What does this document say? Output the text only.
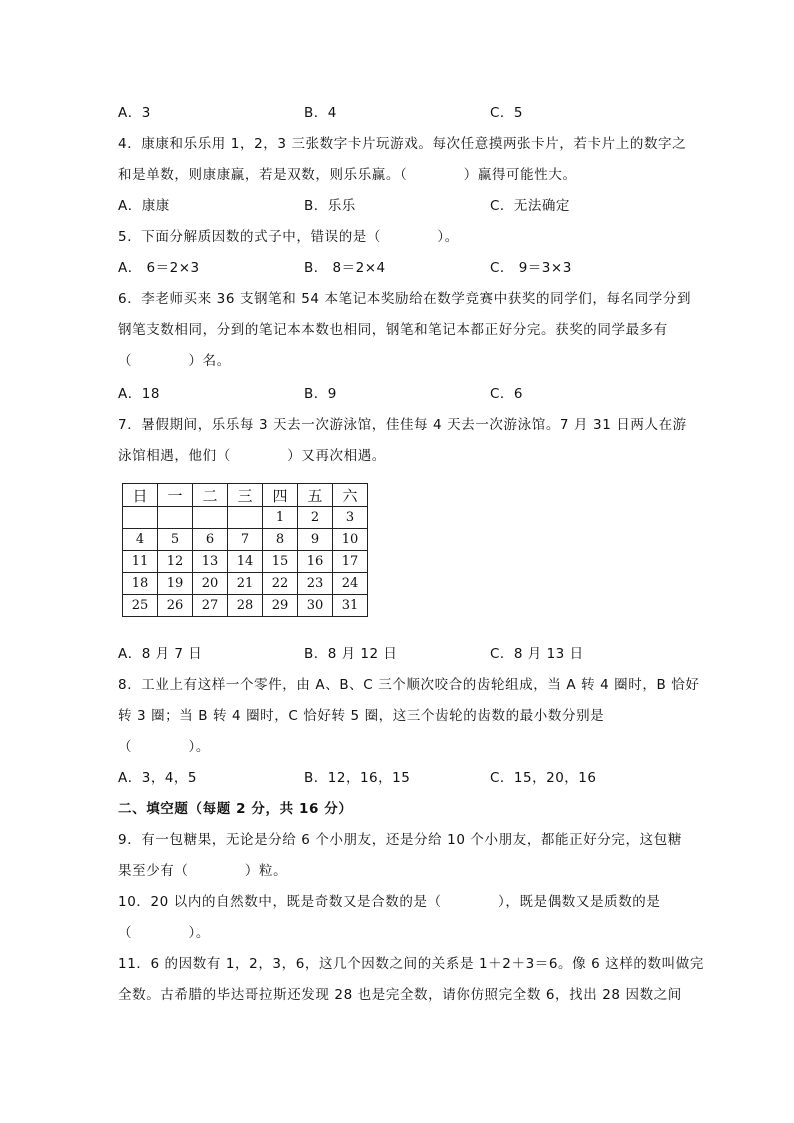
A．3	B．4	C．5
4．康康和乐乐用 1，2，3 三张数字卡片玩游戏。每次任意摸两张卡片，若卡片上的数字之
和是单数，则康康赢，若是双数，则乐乐赢。（　　　　）赢得可能性大。
A．康康	B．乐乐	C．无法确定
5．下面分解质因数的式子中，错误的是（　　　　）。
A． 6＝2×3	B． 8＝2×4	C． 9＝3×3
6．李老师买来 36 支钢笔和 54 本笔记本奖励给在数学竞赛中获奖的同学们，每名同学分到
钢笔支数相同，分到的笔记本本数也相同，钢笔和笔记本都正好分完。获奖的同学最多有
（　　　　）名。
A．18	B．9	C．6
7．暑假期间，乐乐每 3 天去一次游泳馆，佳佳每 4 天去一次游泳馆。7 月 31 日两人在游
泳馆相遇，他们（　　　　）又再次相遇。
日	一	二	三	四	五	六
				1	2	3
4	5	6	7	8	9	10
11	12	13	14	15	16	17
18	19	20	21	22	23	24
25	26	27	28	29	30	31
A．8 月 7 日	B．8 月 12 日	C．8 月 13 日
8．工业上有这样一个零件，由 A、B、C 三个顺次咬合的齿轮组成，当 A 转 4 圈时，B 恰好
转 3 圈；当 B 转 4 圈时，C 恰好转 5 圈，这三个齿轮的齿数的最小数分别是
（　　　　）。
A．3，4，5	B．12，16，15	C．15，20，16
二、填空题（每题 2 分，共 16 分）
9．有一包糖果，无论是分给 6 个小朋友，还是分给 10 个小朋友，都能正好分完，这包糖
果至少有（　　　　）粒。
10．20 以内的自然数中，既是奇数又是合数的是（　　　　），既是偶数又是质数的是
（　　　　）。
11．6 的因数有 1，2，3，6，这几个因数之间的关系是 1＋2＋3＝6。像 6 这样的数叫做完
全数。古希腊的毕达哥拉斯还发现 28 也是完全数，请你仿照完全数 6，找出 28 因数之间
